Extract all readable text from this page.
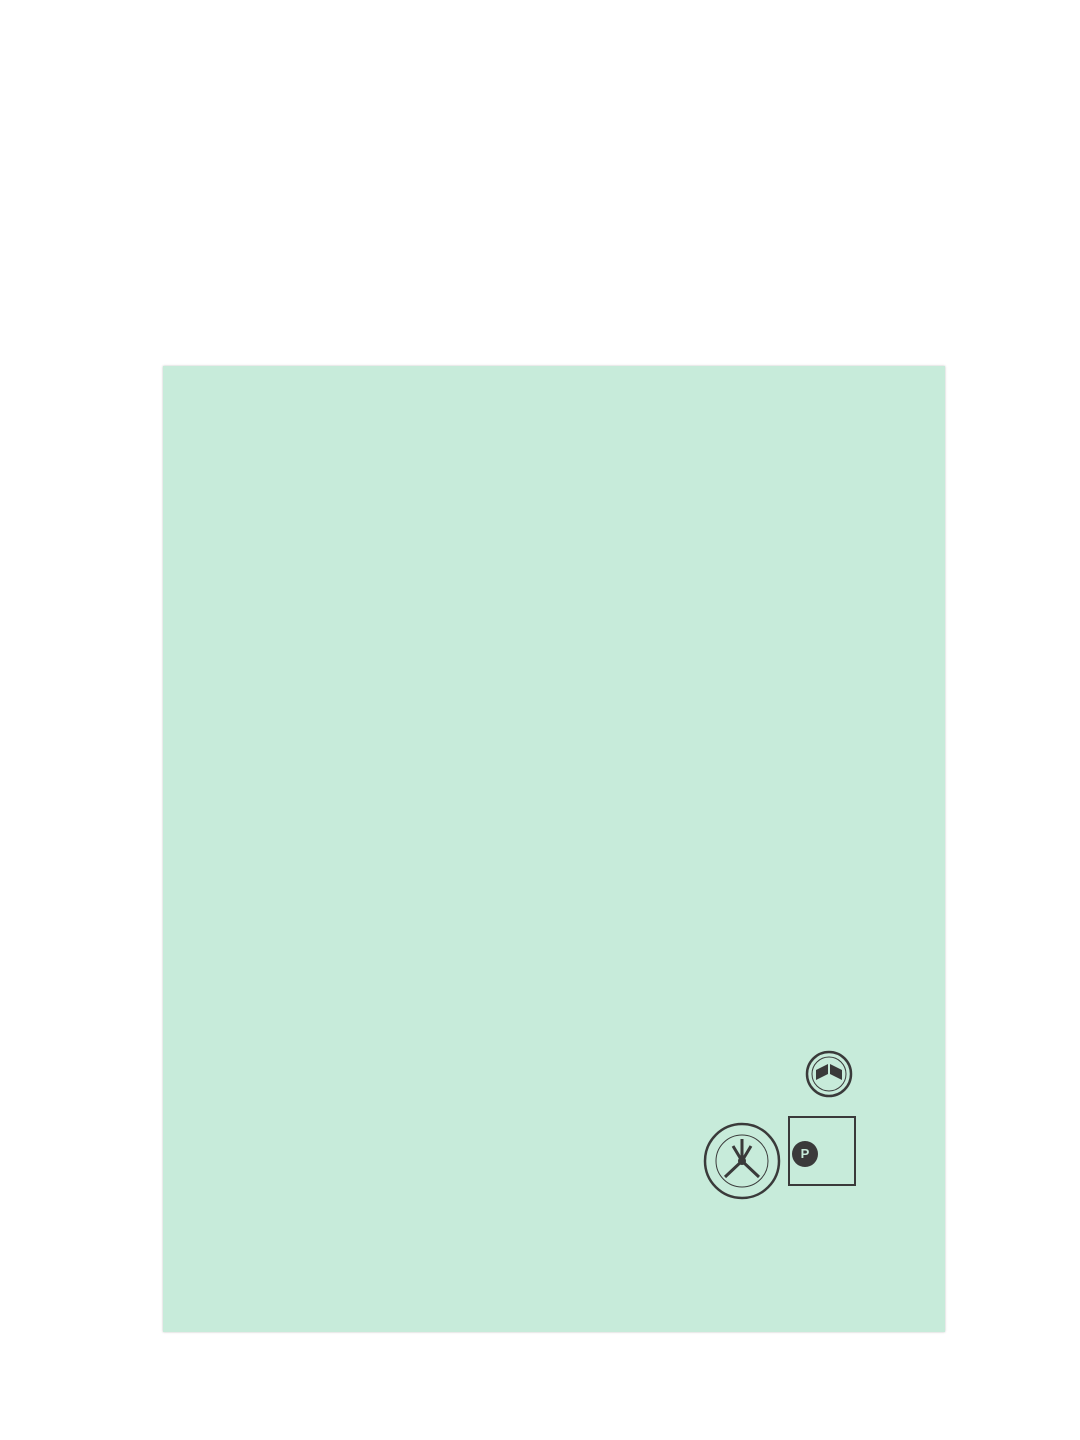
Р
